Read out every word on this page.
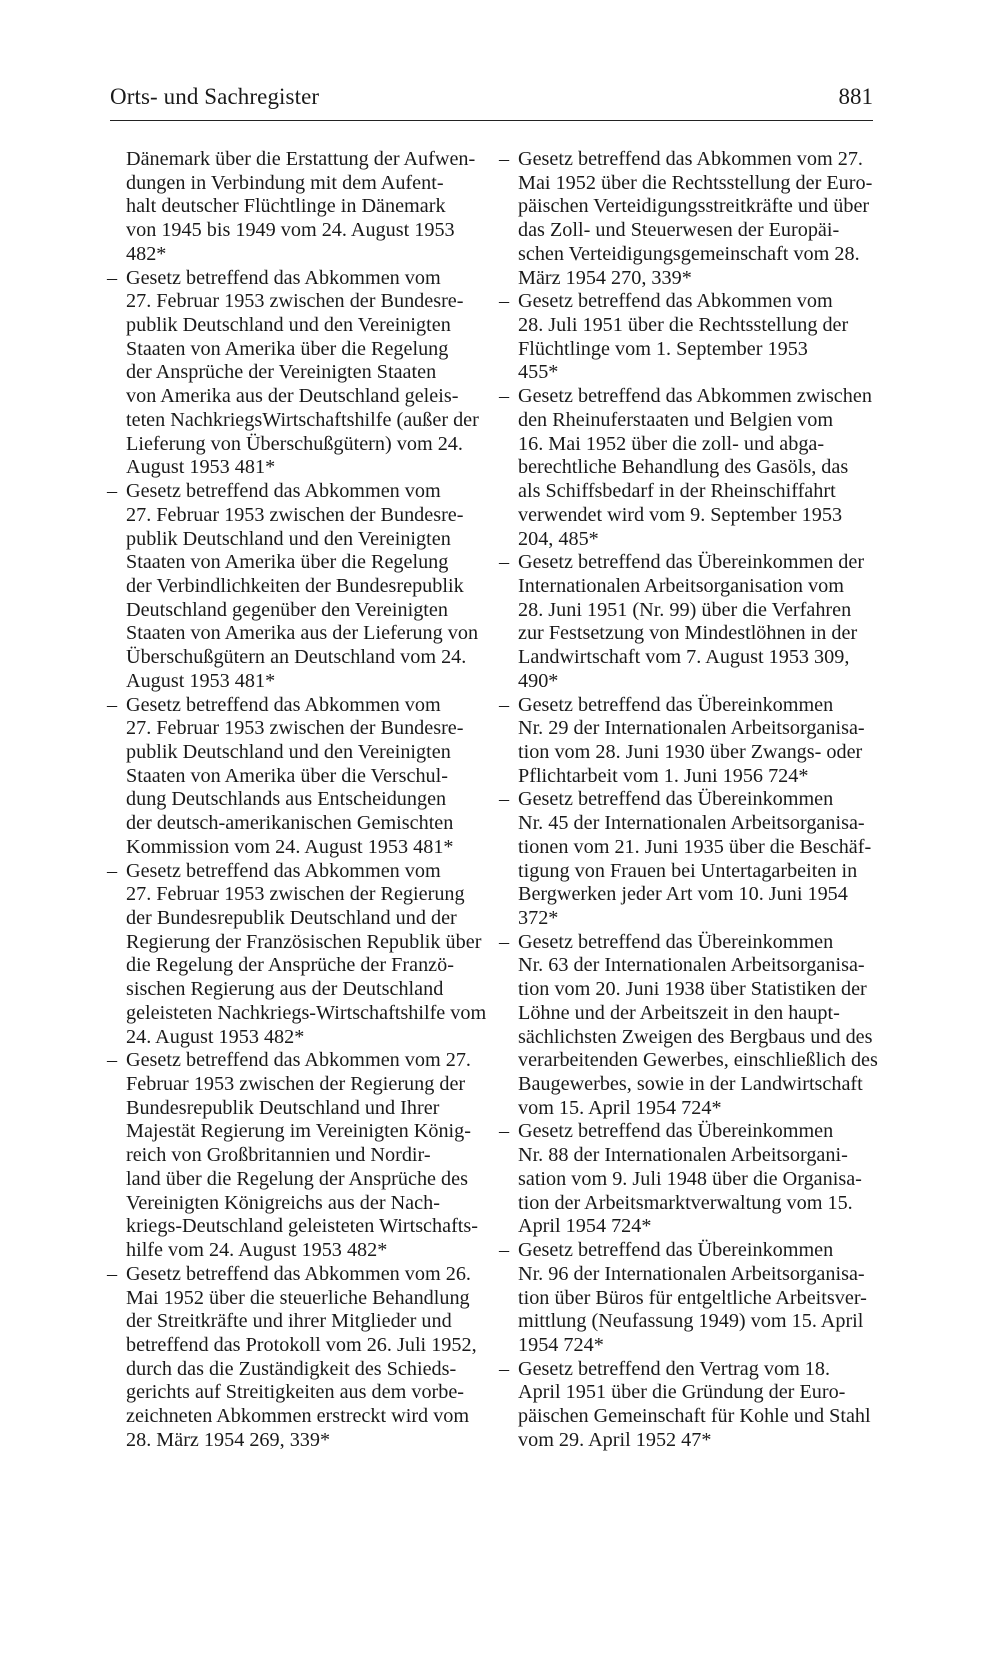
Orts- und Sachregister	881
Dänemark über die Erstattung der Aufwen-
dungen in Verbindung mit dem Aufent-
halt deutscher Flüchtlinge in Dänemark
von 1945 bis 1949 vom 24. August 1953
482*
– Gesetz betreffend das Abkommen vom
27. Februar 1953 zwischen der Bundesre-
publik Deutschland und den Vereinigten
Staaten von Amerika über die Regelung
der Ansprüche der Vereinigten Staaten
von Amerika aus der Deutschland geleis-
teten NachkriegsWirtschaftshilfe (außer der
Lieferung von Überschußgütern) vom 24.
August 1953 481*
– Gesetz betreffend das Abkommen vom
27. Februar 1953 zwischen der Bundesre-
publik Deutschland und den Vereinigten
Staaten von Amerika über die Regelung
der Verbindlichkeiten der Bundesrepublik
Deutschland gegenüber den Vereinigten
Staaten von Amerika aus der Lieferung von
Überschußgütern an Deutschland vom 24.
August 1953 481*
– Gesetz betreffend das Abkommen vom
27. Februar 1953 zwischen der Bundesre-
publik Deutschland und den Vereinigten
Staaten von Amerika über die Verschul-
dung Deutschlands aus Entscheidungen
der deutsch-amerikanischen Gemischten
Kommission vom 24. August 1953 481*
– Gesetz betreffend das Abkommen vom
27. Februar 1953 zwischen der Regierung
der Bundesrepublik Deutschland und der
Regierung der Französischen Republik über
die Regelung der Ansprüche der Franzö-
sischen Regierung aus der Deutschland
geleisteten Nachkriegs-Wirtschaftshilfe vom
24. August 1953 482*
– Gesetz betreffend das Abkommen vom 27.
Februar 1953 zwischen der Regierung der
Bundesrepublik Deutschland und Ihrer
Majestät Regierung im Vereinigten König-
reich von Großbritannien und Nordir-
land über die Regelung der Ansprüche des
Vereinigten Königreichs aus der Nach-
kriegs-Deutschland geleisteten Wirtschafts-
hilfe vom 24. August 1953 482*
– Gesetz betreffend das Abkommen vom 26.
Mai 1952 über die steuerliche Behandlung
der Streitkräfte und ihrer Mitglieder und
betreffend das Protokoll vom 26. Juli 1952,
durch das die Zuständigkeit des Schieds-
gerichts auf Streitigkeiten aus dem vorbe-
zeichneten Abkommen erstreckt wird vom
28. März 1954 269, 339*
– Gesetz betreffend das Abkommen vom 27.
Mai 1952 über die Rechtsstellung der Euro-
päischen Verteidigungsstreitkräfte und über
das Zoll- und Steuerwesen der Europäi-
schen Verteidigungsgemeinschaft vom 28.
März 1954 270, 339*
– Gesetz betreffend das Abkommen vom
28. Juli 1951 über die Rechtsstellung der
Flüchtlinge vom 1. September 1953
455*
– Gesetz betreffend das Abkommen zwischen
den Rheinuferstaaten und Belgien vom
16. Mai 1952 über die zoll- und abga-
berechtliche Behandlung des Gasöls, das
als Schiffsbedarf in der Rheinschiffahrt
verwendet wird vom 9. September 1953
204, 485*
– Gesetz betreffend das Übereinkommen der
Internationalen Arbeitsorganisation vom
28. Juni 1951 (Nr. 99) über die Verfahren
zur Festsetzung von Mindestlöhnen in der
Landwirtschaft vom 7. August 1953 309,
490*
– Gesetz betreffend das Übereinkommen
Nr. 29 der Internationalen Arbeitsorganisa-
tion vom 28. Juni 1930 über Zwangs- oder
Pflichtarbeit vom 1. Juni 1956 724*
– Gesetz betreffend das Übereinkommen
Nr. 45 der Internationalen Arbeitsorganisa-
tionen vom 21. Juni 1935 über die Beschäf-
tigung von Frauen bei Untertagarbeiten in
Bergwerken jeder Art vom 10. Juni 1954
372*
– Gesetz betreffend das Übereinkommen
Nr. 63 der Internationalen Arbeitsorganisa-
tion vom 20. Juni 1938 über Statistiken der
Löhne und der Arbeitszeit in den haupt-
sächlichsten Zweigen des Bergbaus und des
verarbeitenden Gewerbes, einschließlich des
Baugewerbes, sowie in der Landwirtschaft
vom 15. April 1954 724*
– Gesetz betreffend das Übereinkommen
Nr. 88 der Internationalen Arbeitsorgani-
sation vom 9. Juli 1948 über die Organisa-
tion der Arbeitsmarktverwaltung vom 15.
April 1954 724*
– Gesetz betreffend das Übereinkommen
Nr. 96 der Internationalen Arbeitsorganisa-
tion über Büros für entgeltliche Arbeitsver-
mittlung (Neufassung 1949) vom 15. April
1954 724*
– Gesetz betreffend den Vertrag vom 18.
April 1951 über die Gründung der Euro-
päischen Gemeinschaft für Kohle und Stahl
vom 29. April 1952 47*
